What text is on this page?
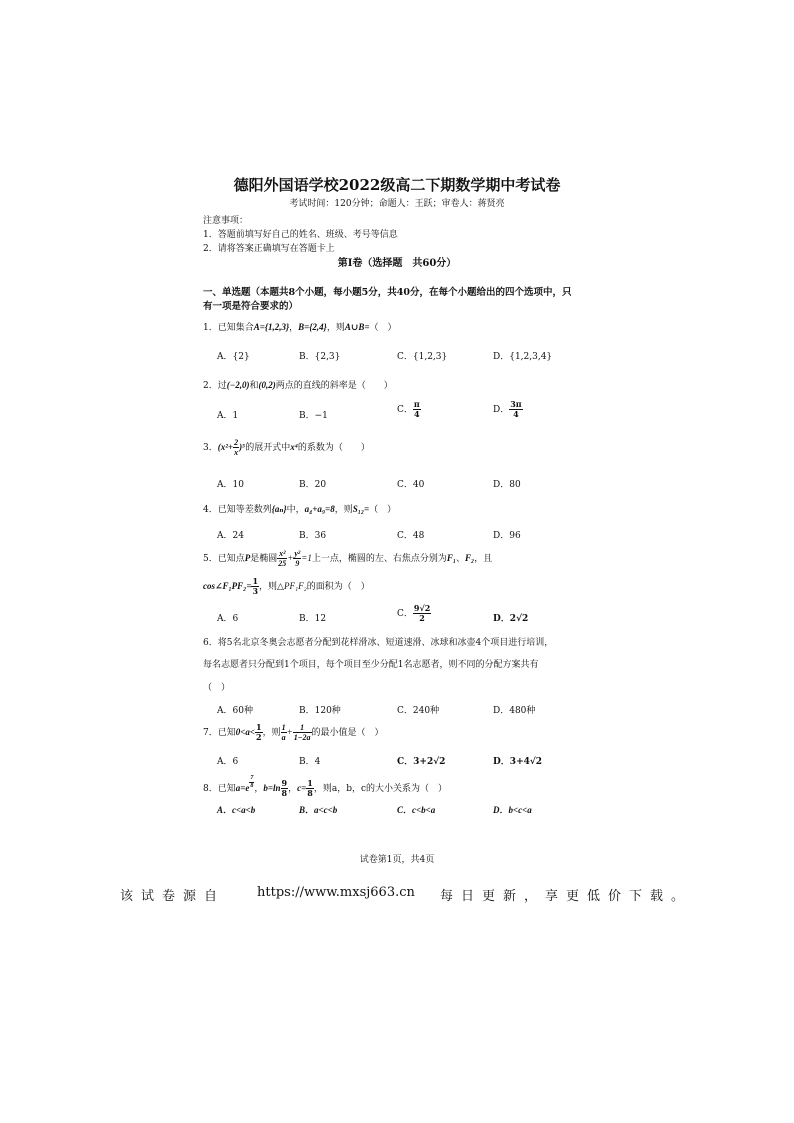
德阳外国语学校2022级高二下期数学期中考试卷
考试时间：120分钟；命题人：王跃；审卷人：蒋贤亮
注意事项：
1．答题前填写好自己的姓名、班级、考号等信息
2．请将答案正确填写在答题卡上
第Ⅰ卷（选择题　共60分）
一、单选题（本题共8个小题，每小题5分，共40分，在每个小题给出的四个选项中，只
有一项是符合要求的）
1．已知集合A={1,2,3}，B={2,4}，则A∪B=（　）
A．{2}	B．{2,3}	C．{1,2,3}	D．{1,2,3,4}
2．过(−2,0)和(0,2)两点的直线的斜率是（　　）
A．1	B．−1
C． $\frac{\pi}{4}$	D． $\frac{3\pi}{4}$
3．$(x^2+ \frac{2}{x} )^5$的展开式中x⁴的系数为（　　）
A．10	B．20	C．40	D．80
4．已知等差数列{aₙ}中，a₄+a₉=8，则S₁₂=（　）
A．24	B．36	C．48	D．96
5．已知点P是椭圆 $\frac{\text{x²}}{25} + \frac{\text{y²}}{9} =1$上一点，椭圆的左、右焦点分别为F₁、F₂，且
cos∠F₁PF₂= $\frac{1}{3}$ ，则△PF₁F₂的面积为（　）
A．6	B．12	C． $\frac{9√2}{2}$	D．2√2
6．将5名北京冬奥会志愿者分配到花样滑冰、短道速滑、冰球和冰壶4个项目进行培训，
每名志愿者只分配到1个项目，每个项目至少分配1名志愿者，则不同的分配方案共有
（　）
A．60种	B．120种	C．240种	D．480种
7．已知$0<a< \frac{1}{2}$ ，则 $\frac{1}{a} + \frac{1}{1-2a}$ 的最小值是（　）
A．6	B．4	C．3+2√2	D．3+4√2
8．已知$a=e \frac{7}{8}$ ，$b=\ln \frac{9}{8}$ ，$c= \frac{1}{8}$ ，则a，b，c的大小关系为（　）
A．c<a<b	B．a<c<b	C．c<b<a	D．b<c<a
试卷第1页，共4页
该试卷源自 https://www.mxsj663.cn 每日更新，享更低价下载。
